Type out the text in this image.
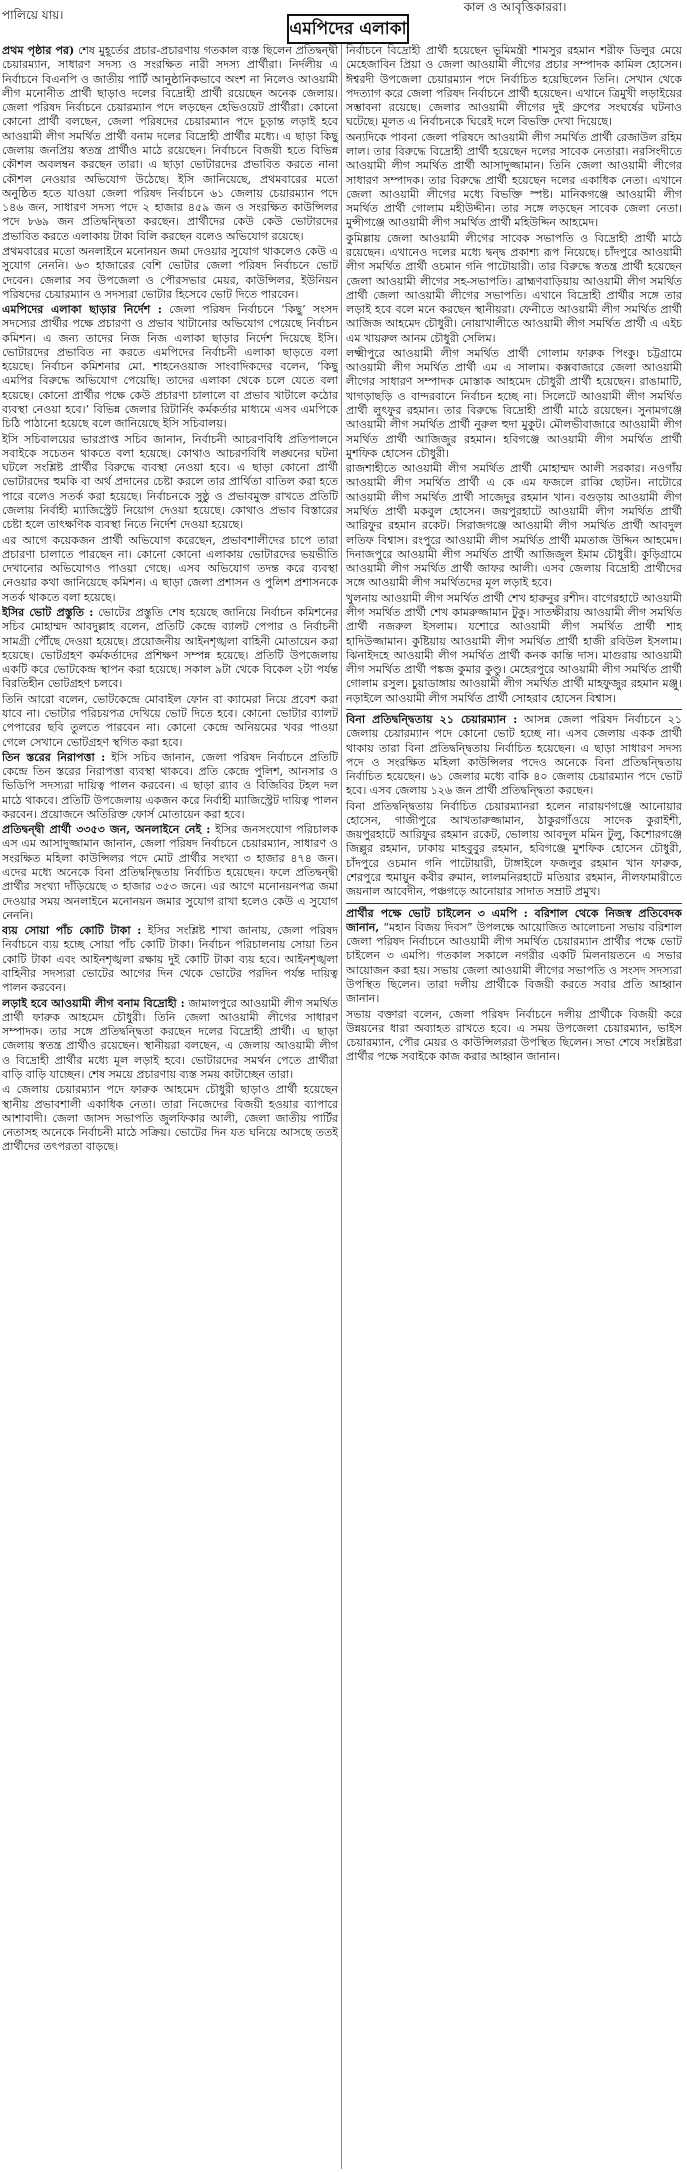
পালিয়ে যায়।
কাল ও আবৃত্তিকাররা।
এমপিদের এলাকা

প্রথম পৃষ্ঠার পর) শেষ মুহূর্তের প্রচার-প্রচারণায় গতকাল ব্যস্ত ছিলেন প্রতিদ্বন্দ্বী চেয়ারম্যান, সাধারণ সদস্য ও সংরক্ষিত নারী সদস্য প্রার্থীরা। নির্দলীয় এ নির্বাচনে বিএনপি ও জাতীয় পার্টি আনুষ্ঠানিকভাবে অংশ না নিলেও আওয়ামী লীগ মনোনীত প্রার্থী ছাড়াও দলের বিদ্রোহী প্রার্থী রয়েছেন অনেক জেলায়। জেলা পরিষদ নির্বাচনে চেয়ারম্যান পদে লড়ছেন হেভিওয়েট প্রার্থীরা। কোনো কোনো প্রার্থী বলছেন, জেলা পরিষদের চেয়ারম্যান পদে চূড়ান্ত লড়াই হবে আওয়ামী লীগ সমর্থিত প্রার্থী বনাম দলের বিদ্রোহী প্রার্থীর মধ্যে। এ ছাড়া কিছু জেলায় জনপ্রিয় স্বতন্ত্র প্রার্থীও মাঠে রয়েছেন। নির্বাচনে বিজয়ী হতে বিভিন্ন কৌশল অবলম্বন করছেন তারা। এ ছাড়া ভোটারদের প্রভাবিত করতে নানা কৌশল নেওয়ার অভিযোগ উঠেছে। ইসি জানিয়েছে, প্রথমবারের মতো অনুষ্ঠিত হতে যাওয়া জেলা পরিষদ নির্বাচনে ৬১ জেলায় চেয়ারম্যান পদে ১৪৬ জন, সাধারণ সদস্য পদে ২ হাজার ৪৫৯ জন ও সংরক্ষিত কাউন্সিলর পদে ৮৬৯ জন প্রতিদ্বন্দ্বিতা করছেন। প্রার্থীদের কেউ কেউ ভোটারদের প্রভাবিত করতে এলাকায় টাকা বিলি করছেন বলেও অভিযোগ রয়েছে।

প্রথমবারের মতো অনলাইনে মনোনয়ন জমা দেওয়ার সুযোগ থাকলেও কেউ এ সুযোগ নেননি। ৬৩ হাজারের বেশি ভোটার জেলা পরিষদ নির্বাচনে ভোট দেবেন। জেলার সব উপজেলা ও পৌরসভার মেয়র, কাউন্সিলর, ইউনিয়ন পরিষদের চেয়ারম্যান ও সদস্যরা ভোটার হিসেবে ভোট দিতে পারবেন।

এমপিদের এলাকা ছাড়ার নির্দেশ : জেলা পরিষদ নির্বাচনে ‘কিছু’ সংসদ সদস্যের প্রার্থীর পক্ষে প্রচারণা ও প্রভাব খাটানোর অভিযোগ পেয়েছে নির্বাচন কমিশন। এ জন্য তাদের নিজ নিজ এলাকা ছাড়ার নির্দেশ দিয়েছে ইসি। ভোটারদের প্রভাবিত না করতে এমপিদের নির্বাচনী এলাকা ছাড়তে বলা হয়েছে। নির্বাচন কমিশনার মো. শাহনেওয়াজ সাংবাদিকদের বলেন, ‘কিছু এমপির বিরুদ্ধে অভিযোগ পেয়েছি। তাদের এলাকা থেকে চলে যেতে বলা হয়েছে। কোনো প্রার্থীর পক্ষে কেউ প্রচারণা চালালে বা প্রভাব খাটালে কঠোর ব্যবস্থা নেওয়া হবে।’ বিভিন্ন জেলার রিটার্নিং কর্মকর্তার মাধ্যমে এসব এমপিকে চিঠি পাঠানো হয়েছে বলে জানিয়েছে ইসি সচিবালয়।

ইসি সচিবালয়ের ভারপ্রাপ্ত সচিব জানান, নির্বাচনী আচরণবিধি প্রতিপালনে সবাইকে সচেতন থাকতে বলা হয়েছে। কোথাও আচরণবিধি লঙ্ঘনের ঘটনা ঘটলে সংশ্লিষ্ট প্রার্থীর বিরুদ্ধে ব্যবস্থা নেওয়া হবে। এ ছাড়া কোনো প্রার্থী ভোটারদের হুমকি বা অর্থ প্রদানের চেষ্টা করলে তার প্রার্থিতা বাতিল করা হতে পারে বলেও সতর্ক করা হয়েছে। নির্বাচনকে সুষ্ঠু ও প্রভাবমুক্ত রাখতে প্রতিটি জেলায় নির্বাহী ম্যাজিস্ট্রেট নিয়োগ দেওয়া হয়েছে। কোথাও প্রভাব বিস্তারের চেষ্টা হলে তাৎক্ষণিক ব্যবস্থা নিতে নির্দেশ দেওয়া হয়েছে।

এর আগে কয়েকজন প্রার্থী অভিযোগ করেছেন, প্রভাবশালীদের চাপে তারা প্রচারণা চালাতে পারছেন না। কোনো কোনো এলাকায় ভোটারদের ভয়ভীতি দেখানোর অভিযোগও পাওয়া গেছে। এসব অভিযোগ তদন্ত করে ব্যবস্থা নেওয়ার কথা জানিয়েছে কমিশন। এ ছাড়া জেলা প্রশাসন ও পুলিশ প্রশাসনকে সতর্ক থাকতে বলা হয়েছে।

ইসির ভোট প্রস্তুতি : ভোটের প্রস্তুতি শেষ হয়েছে জানিয়ে নির্বাচন কমিশনের সচিব মোহাম্মদ আবদুল্লাহ বলেন, প্রতিটি কেন্দ্রে ব্যালট পেপার ও নির্বাচনী সামগ্রী পৌঁছে দেওয়া হয়েছে। প্রয়োজনীয় আইনশৃঙ্খলা বাহিনী মোতায়েন করা হয়েছে। ভোটগ্রহণ কর্মকর্তাদের প্রশিক্ষণ সম্পন্ন হয়েছে। প্রতিটি উপজেলায় একটি করে ভোটকেন্দ্র স্থাপন করা হয়েছে। সকাল ৯টা থেকে বিকেল ২টা পর্যন্ত বিরতিহীন ভোটগ্রহণ চলবে।

তিনি আরো বলেন, ভোটকেন্দ্রে মোবাইল ফোন বা ক্যামেরা নিয়ে প্রবেশ করা যাবে না। ভোটার পরিচয়পত্র দেখিয়ে ভোট দিতে হবে। কোনো ভোটার ব্যালট পেপারের ছবি তুলতে পারবেন না। কোনো কেন্দ্রে অনিয়মের খবর পাওয়া গেলে সেখানে ভোটগ্রহণ স্থগিত করা হবে।

তিন স্তরের নিরাপত্তা : ইসি সচিব জানান, জেলা পরিষদ নির্বাচনে প্রতিটি কেন্দ্রে তিন স্তরের নিরাপত্তা ব্যবস্থা থাকবে। প্রতি কেন্দ্রে পুলিশ, আনসার ও ভিডিপি সদস্যরা দায়িত্ব পালন করবেন। এ ছাড়া র‍্যাব ও বিজিবির টহল দল মাঠে থাকবে। প্রতিটি উপজেলায় একজন করে নির্বাহী ম্যাজিস্ট্রেট দায়িত্ব পালন করবেন। প্রয়োজনে অতিরিক্ত ফোর্স মোতায়েন করা হবে।

প্রতিদ্বন্দ্বী প্রার্থী ৩৩৫৩ জন, অনলাইনে নেই : ইসির জনসংযোগ পরিচালক এস এম আসাদুজ্জামান জানান, জেলা পরিষদ নির্বাচনে চেয়ারম্যান, সাধারণ ও সংরক্ষিত মহিলা কাউন্সিলর পদে মোট প্রার্থীর সংখ্যা ৩ হাজার ৪৭৪ জন। এদের মধ্যে অনেকে বিনা প্রতিদ্বন্দ্বিতায় নির্বাচিত হয়েছেন। ফলে প্রতিদ্বন্দ্বী প্রার্থীর সংখ্যা দাঁড়িয়েছে ৩ হাজার ৩৫৩ জনে। এর আগে মনোনয়নপত্র জমা দেওয়ার সময় অনলাইনে মনোনয়ন জমার সুযোগ রাখা হলেও কেউ এ সুযোগ নেননি।

ব্যয় সোয়া পাঁচ কোটি টাকা : ইসির সংশ্লিষ্ট শাখা জানায়, জেলা পরিষদ নির্বাচনে ব্যয় হচ্ছে সোয়া পাঁচ কোটি টাকা। নির্বাচন পরিচালনায় সোয়া তিন কোটি টাকা এবং আইনশৃঙ্খলা রক্ষায় দুই কোটি টাকা ব্যয় হবে। আইনশৃঙ্খলা বাহিনীর সদস্যরা ভোটের আগের দিন থেকে ভোটের পরদিন পর্যন্ত দায়িত্ব পালন করবেন।

লড়াই হবে আওয়ামী লীগ বনাম বিদ্রোহী : জামালপুরে আওয়ামী লীগ সমর্থিত প্রার্থী ফারুক আহমেদ চৌধুরী। তিনি জেলা আওয়ামী লীগের সাধারণ সম্পাদক। তার সঙ্গে প্রতিদ্বন্দ্বিতা করছেন দলের বিদ্রোহী প্রার্থী। এ ছাড়া জেলায় স্বতন্ত্র প্রার্থীও রয়েছেন। স্থানীয়রা বলছেন, এ জেলায় আওয়ামী লীগ ও বিদ্রোহী প্রার্থীর মধ্যে মূল লড়াই হবে। ভোটারদের সমর্থন পেতে প্রার্থীরা বাড়ি বাড়ি যাচ্ছেন। শেষ সময়ে প্রচারণায় ব্যস্ত সময় কাটাচ্ছেন তারা।

এ জেলায় চেয়ারম্যান পদে ফারুক আহমেদ চৌধুরী ছাড়াও প্রার্থী হয়েছেন স্থানীয় প্রভাবশালী একাধিক নেতা। তারা নিজেদের বিজয়ী হওয়ার ব্যাপারে আশাবাদী। জেলা জাসদ সভাপতি জুলফিকার আলী, জেলা জাতীয় পার্টির নেতাসহ অনেকে নির্বাচনী মাঠে সক্রিয়। ভোটের দিন যত ঘনিয়ে আসছে ততই প্রার্থীদের তৎপরতা বাড়ছে।

নির্বাচনে বিদ্রোহী প্রার্থী হয়েছেন ভূমিমন্ত্রী শামসুর রহমান শরীফ ডিলুর মেয়ে মেহেজাবিন প্রিয়া ও জেলা আওয়ামী লীগের প্রচার সম্পাদক কামিল হোসেন। ঈশ্বরদী উপজেলা চেয়ারম্যান পদে নির্বাচিত হয়েছিলেন তিনি। সেখান থেকে পদত্যাগ করে জেলা পরিষদ নির্বাচনে প্রার্থী হয়েছেন। এখানে ত্রিমুখী লড়াইয়ের সম্ভাবনা রয়েছে। জেলার আওয়ামী লীগের দুই গ্রুপের সংঘর্ষের ঘটনাও ঘটেছে। মূলত এ নির্বাচনকে ঘিরেই দলে বিভক্তি দেখা দিয়েছে।

অন্যদিকে পাবনা জেলা পরিষদে আওয়ামী লীগ সমর্থিত প্রার্থী রেজাউল রহিম লাল। তার বিরুদ্ধে বিদ্রোহী প্রার্থী হয়েছেন দলের সাবেক নেতারা। নরসিংদীতে আওয়ামী লীগ সমর্থিত প্রার্থী আসাদুজ্জামান। তিনি জেলা আওয়ামী লীগের সাধারণ সম্পাদক। তার বিরুদ্ধে প্রার্থী হয়েছেন দলের একাধিক নেতা। এখানে জেলা আওয়ামী লীগের মধ্যে বিভক্তি স্পষ্ট। মানিকগঞ্জে আওয়ামী লীগ সমর্থিত প্রার্থী গোলাম মহীউদ্দীন। তার সঙ্গে লড়ছেন সাবেক জেলা নেতা। মুন্সীগঞ্জে আওয়ামী লীগ সমর্থিত প্রার্থী মহিউদ্দিন আহমেদ।

কুমিল্লায় জেলা আওয়ামী লীগের সাবেক সভাপতি ও বিদ্রোহী প্রার্থী মাঠে রয়েছেন। এখানেও দলের মধ্যে দ্বন্দ্ব প্রকাশ্য রূপ নিয়েছে। চাঁদপুরে আওয়ামী লীগ সমর্থিত প্রার্থী ওচমান গনি পাটোয়ারী। তার বিরুদ্ধে স্বতন্ত্র প্রার্থী হয়েছেন জেলা আওয়ামী লীগের সহ-সভাপতি। ব্রাহ্মণবাড়িয়ায় আওয়ামী লীগ সমর্থিত প্রার্থী জেলা আওয়ামী লীগের সভাপতি। এখানে বিদ্রোহী প্রার্থীর সঙ্গে তার লড়াই হবে বলে মনে করছেন স্থানীয়রা। ফেনীতে আওয়ামী লীগ সমর্থিত প্রার্থী আজিজ আহমেদ চৌধুরী। নোয়াখালীতে আওয়ামী লীগ সমর্থিত প্রার্থী এ এইচ এম খায়রুল আনম চৌধুরী সেলিম।

লক্ষ্মীপুরে আওয়ামী লীগ সমর্থিত প্রার্থী গোলাম ফারুক পিংকু। চট্টগ্রামে আওয়ামী লীগ সমর্থিত প্রার্থী এম এ সালাম। কক্সবাজারে জেলা আওয়ামী লীগের সাধারণ সম্পাদক মোস্তাক আহমেদ চৌধুরী প্রার্থী হয়েছেন। রাঙামাটি, খাগড়াছড়ি ও বান্দরবানে নির্বাচন হচ্ছে না। সিলেটে আওয়ামী লীগ সমর্থিত প্রার্থী লুৎফুর রহমান। তার বিরুদ্ধে বিদ্রোহী প্রার্থী মাঠে রয়েছেন। সুনামগঞ্জে আওয়ামী লীগ সমর্থিত প্রার্থী নুরুল হুদা মুকুট। মৌলভীবাজারে আওয়ামী লীগ সমর্থিত প্রার্থী আজিজুর রহমান। হবিগঞ্জে আওয়ামী লীগ সমর্থিত প্রার্থী মুশফিক হোসেন চৌধুরী।

রাজশাহীতে আওয়ামী লীগ সমর্থিত প্রার্থী মোহাম্মদ আলী সরকার। নওগাঁয় আওয়ামী লীগ সমর্থিত প্রার্থী এ কে এম ফজলে রাব্বি ছোটন। নাটোরে আওয়ামী লীগ সমর্থিত প্রার্থী সাজেদুর রহমান খান। বগুড়ায় আওয়ামী লীগ সমর্থিত প্রার্থী মকবুল হোসেন। জয়পুরহাটে আওয়ামী লীগ সমর্থিত প্রার্থী আরিফুর রহমান রকেট। সিরাজগঞ্জে আওয়ামী লীগ সমর্থিত প্রার্থী আবদুল লতিফ বিশ্বাস। রংপুরে আওয়ামী লীগ সমর্থিত প্রার্থী মমতাজ উদ্দিন আহমেদ। দিনাজপুরে আওয়ামী লীগ সমর্থিত প্রার্থী আজিজুল ইমাম চৌধুরী। কুড়িগ্রামে আওয়ামী লীগ সমর্থিত প্রার্থী জাফর আলী। এসব জেলায় বিদ্রোহী প্রার্থীদের সঙ্গে আওয়ামী লীগ সমর্থিতদের মূল লড়াই হবে।

খুলনায় আওয়ামী লীগ সমর্থিত প্রার্থী শেখ হারুনুর রশীদ। বাগেরহাটে আওয়ামী লীগ সমর্থিত প্রার্থী শেখ কামরুজ্জামান টুকু। সাতক্ষীরায় আওয়ামী লীগ সমর্থিত প্রার্থী নজরুল ইসলাম। যশোরে আওয়ামী লীগ সমর্থিত প্রার্থী শাহ হাদিউজ্জামান। কুষ্টিয়ায় আওয়ামী লীগ সমর্থিত প্রার্থী হাজী রবিউল ইসলাম। ঝিনাইদহে আওয়ামী লীগ সমর্থিত প্রার্থী কনক কান্তি দাস। মাগুরায় আওয়ামী লীগ সমর্থিত প্রার্থী পঙ্কজ কুমার কুণ্ডু। মেহেরপুরে আওয়ামী লীগ সমর্থিত প্রার্থী গোলাম রসুল। চুয়াডাঙ্গায় আওয়ামী লীগ সমর্থিত প্রার্থী মাহফুজুর রহমান মঞ্জু। নড়াইলে আওয়ামী লীগ সমর্থিত প্রার্থী সোহরাব হোসেন বিশ্বাস।

বিনা প্রতিদ্বন্দ্বিতায় ২১ চেয়ারম্যান : আসন্ন জেলা পরিষদ নির্বাচনে ২১ জেলায় চেয়ারম্যান পদে কোনো ভোট হচ্ছে না। এসব জেলায় একক প্রার্থী থাকায় তারা বিনা প্রতিদ্বন্দ্বিতায় নির্বাচিত হয়েছেন। এ ছাড়া সাধারণ সদস্য পদে ও সংরক্ষিত মহিলা কাউন্সিলর পদেও অনেকে বিনা প্রতিদ্বন্দ্বিতায় নির্বাচিত হয়েছেন। ৬১ জেলার মধ্যে বাকি ৪০ জেলায় চেয়ারম্যান পদে ভোট হবে। এসব জেলায় ১২৬ জন প্রার্থী প্রতিদ্বন্দ্বিতা করছেন।

বিনা প্রতিদ্বন্দ্বিতায় নির্বাচিত চেয়ারম্যানরা হলেন নারায়ণগঞ্জে আনোয়ার হোসেন, গাজীপুরে আখতারুজ্জামান, ঠাকুরগাঁওয়ে সাদেক কুরাইশী, জয়পুরহাটে আরিফুর রহমান রকেট, ভোলায় আবদুল মমিন টুলু, কিশোরগঞ্জে জিল্লুর রহমান, ঢাকায় মাহবুবুর রহমান, হবিগঞ্জে মুশফিক হোসেন চৌধুরী, চাঁদপুরে ওচমান গনি পাটোয়ারী, টাঙ্গাইলে ফজলুর রহমান খান ফারুক, শেরপুরে হুমায়ুন কবীর রুমান, লালমনিরহাটে মতিয়ার রহমান, নীলফামারীতে জয়নাল আবেদীন, পঞ্চগড়ে আনোয়ার সাদাত সম্রাট প্রমুখ।

প্রার্থীর পক্ষে ভোট চাইলেন ৩ এমপি : বরিশাল থেকে নিজস্ব প্রতিবেদক জানান, “মহান বিজয় দিবস” উপলক্ষে আয়োজিত আলোচনা সভায় বরিশাল জেলা পরিষদ নির্বাচনে আওয়ামী লীগ সমর্থিত চেয়ারম্যান প্রার্থীর পক্ষে ভোট চাইলেন ৩ এমপি। গতকাল সকালে নগরীর একটি মিলনায়তনে এ সভার আয়োজন করা হয়। সভায় জেলা আওয়ামী লীগের সভাপতি ও সংসদ সদস্যরা উপস্থিত ছিলেন। তারা দলীয় প্রার্থীকে বিজয়ী করতে সবার প্রতি আহ্বান জানান।

সভায় বক্তারা বলেন, জেলা পরিষদ নির্বাচনে দলীয় প্রার্থীকে বিজয়ী করে উন্নয়নের ধারা অব্যাহত রাখতে হবে। এ সময় উপজেলা চেয়ারম্যান, ভাইস চেয়ারম্যান, পৌর মেয়র ও কাউন্সিলররা উপস্থিত ছিলেন। সভা শেষে সংশ্লিষ্টরা প্রার্থীর পক্ষে সবাইকে কাজ করার আহ্বান জানান।
